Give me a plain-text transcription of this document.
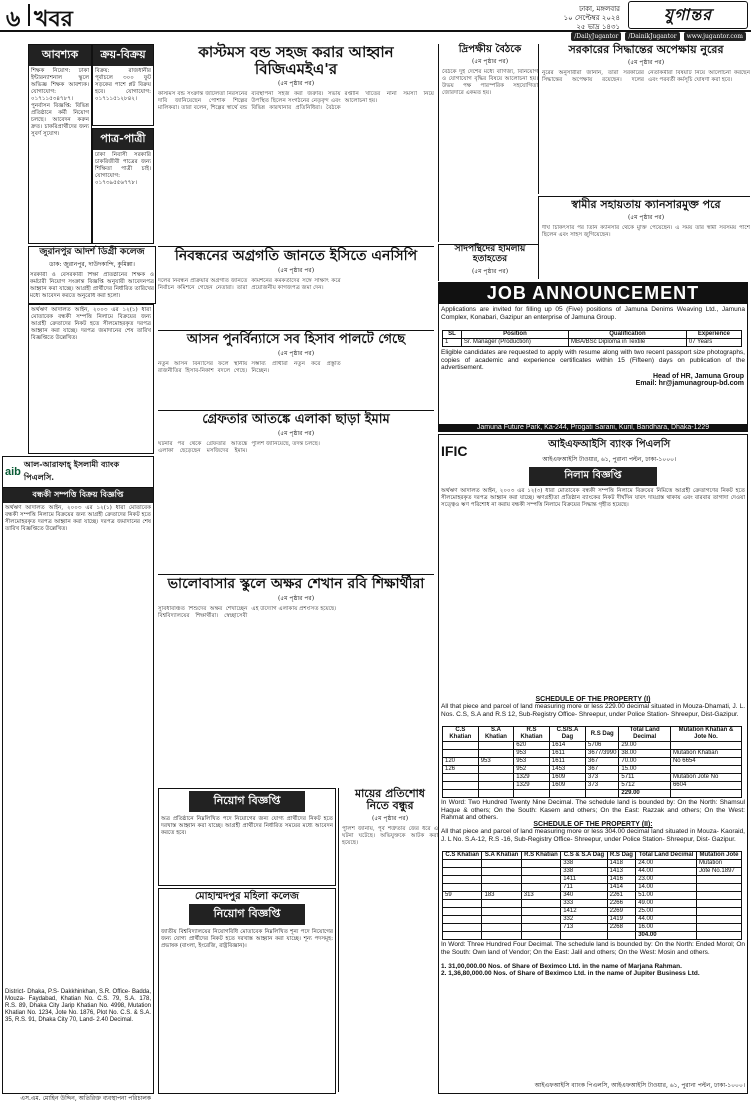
৬ খবর	ঢাকা, মঙ্গলবার
১০ সেপ্টেম্বর ২০২৪
২৫ ভাদ্র ১৪৩১
যুগান্তর
/DailyJugantor	/DainikJugantor	www.jugantor.com
আবশ্যক
শিক্ষক নিয়োগ: ঢাকা ইন্টারন্যাশনাল স্কুলে অভিজ্ঞ শিক্ষক আবশ্যক। যোগাযোগ: ০১৭১১৫৩৪৭৮৭। পুনর্বাসন বিজ্ঞপ্তি: বিভিন্ন প্রতিষ্ঠানে কর্মী নিয়োগ চলছে। আবেদন করুন দ্রুত। চাকরিপ্রার্থীদের জন্য সুবর্ণ সুযোগ।
ক্রয়-বিক্রয়
বিক্রয়: রাজধানীর পূর্বাচলে ৩০০ ফুট সড়কের পাশে প্লট বিক্রয় হবে। যোগাযোগ: ০১৭১১৫১২৮৪২।
পাত্র-পাত্রী
ঢাকা নিবাসী সরকারি চাকরিজীবী পাত্রের জন্য শিক্ষিতা পাত্রী চাই। যোগাযোগ: ০১৭৩৯৫৫৬৭৭৮।
কাস্টমস বন্ড সহজ করার আহ্বান বিজিএমইএ'র
(৫ম পৃষ্ঠার পর)
কাস্টমস বন্ড সংক্রান্ত জটিলতা নিরসনের দাবি জানিয়েছেন পোশাক শিল্পের মালিকরা। তারা বলেন, শিল্পের স্বার্থে বন্ড ব্যবস্থাপনা সহজ করা জরুরি। সভায় উপস্থিত ছিলেন সংগঠনের নেতৃবৃন্দ এবং বিভিন্ন কারখানার প্রতিনিধিরা। বৈঠকে রপ্তানি খাতের নানা সমস্যা নিয়ে আলোচনা হয়।
দ্রিপক্ষীয় বৈঠকে
(৫ম পৃষ্ঠার পর)
বৈঠকে দুই দেশের মধ্যে বাণিজ্য, বিনিয়োগ ও যোগাযোগ বৃদ্ধির বিষয়ে আলোচনা হয়। উভয় পক্ষ পারস্পরিক সহযোগিতা জোরদারে একমত হয়।
সরকারের সিদ্ধান্তের অপেক্ষায় নুরের
(৫ম পৃষ্ঠার পর)
নুরের অনুসারীরা জানান, তারা সরকারের সিদ্ধান্তের অপেক্ষায় রয়েছেন। দলের নেতাকর্মীরা বিষয়টি নিয়ে আলোচনা করছেন এবং পরবর্তী কর্মসূচি ঘোষণা করা হবে।
স্বামীর সহায়তায় ক্যানসারমুক্ত পরে
(৫ম পৃষ্ঠার পর)
দীর্ঘ চিকিৎসার পর তিনি ক্যানসার থেকে মুক্তি পেয়েছেন। এ সময় তার স্বামী সবসময় পাশে ছিলেন এবং সাহস জুগিয়েছেন।
সাদপন্থিদের হামলায় হতাহতের
(৫ম পৃষ্ঠার পর)
জুরানপুর আদর্শ ডিগ্রী কলেজ
ডাক: জুরানপুর, দাউদকান্দি, কুমিল্লা।
সরকারী ও বেসরকারী শিক্ষা প্রতিষ্ঠানের শিক্ষক ও কর্মচারী নিয়োগ সংক্রান্ত বিজ্ঞপ্তি অনুযায়ী আবেদনপত্র আহ্বান করা যাচ্ছে। আগ্রহী প্রার্থীদের নির্ধারিত তারিখের মধ্যে আবেদন করতে অনুরোধ করা হলো।
নিবন্ধনের অগ্রগতি জানতে ইসিতে এনসিপি
(৫ম পৃষ্ঠার পর)
দলের নিবন্ধন প্রক্রিয়ার অগ্রগতি জানতে নির্বাচন কমিশনে গেছেন নেতারা। তারা কমিশনের কর্মকর্তাদের সঙ্গে সাক্ষাৎ করে প্রয়োজনীয় কাগজপত্র জমা দেন।
আসন পুনর্বিন্যাসে সব হিসাব পালটে গেছে
(৫ম পৃষ্ঠার পর)
নতুন আসন বিন্যাসের ফলে স্থানীয় রাজনীতির হিসাব-নিকাশ বদলে গেছে। সম্ভাব্য প্রার্থীরা নতুন করে প্রস্তুতি নিচ্ছেন।
JOB ANNOUNCEMENT
Applications are invited for filling up 05 (Five) positions of Jamuna Denims Weaving Ltd., Jamuna Complex, Konabari, Gazipur an enterprise of Jamuna Group.
SL	Position	Qualification	Experience
1	Sr. Manager (Production)	MBA/BSc Diploma in Textile	07 Years
Eligible candidates are requested to apply with resume along with two recent passport size photographs, copies of academic and experience certificates within 15 (Fifteen) days on publication of the advertisement.
Head of HR, Jamuna Group
Email: hr@jamunagroup-bd.com
Jamuna Future Park, Ka-244, Progati Sarani, Kuril, Bandhara, Dhaka-1229
অর্থঋণ আদালত আইন, ২০০৩ এর ১২(১) ধারা মোতাবেক বন্ধকী সম্পত্তি নিলামে বিক্রয়ের জন্য আগ্রহী ক্রেতাদের নিকট হতে সীলমোহরকৃত দরপত্র আহ্বান করা যাচ্ছে। দরপত্র জমাদানের শেষ তারিখ বিজ্ঞপ্তিতে উল্লেখিত।
গ্রেফতার আতঙ্কে এলাকা ছাড়া ইমাম
(৫ম পৃষ্ঠার পর)
ঘটনার পর থেকে গ্রেফতার আতঙ্কে এলাকা ছেড়েছেন মসজিদের ইমাম। পুলিশ জানিয়েছে, তদন্ত চলছে।
aib
আল-আরাফাহ্‌ ইসলামী ব্যাংক পিএলসি.
বন্ধকী সম্পত্তি বিক্রয় বিজ্ঞপ্তি
অর্থঋণ আদালত আইন, ২০০৩ এর ১২(১) ধারা মোতাবেক বন্ধকী সম্পত্তি নিলামে বিক্রয়ের জন্য আগ্রহী ক্রেতাদের নিকট হতে সীলমোহরকৃত দরপত্র আহ্বান করা যাচ্ছে। দরপত্র জমাদানের শেষ তারিখ বিজ্ঞপ্তিতে উল্লেখিত।
District- Dhaka, P.S- Dakkhinkhan, S.R. Office- Badda, Mouza- Faydabad, Khatian No. C.S. 79, S.A. 178, R.S. 89, Dhaka City Jarip Khatian No. 4998, Mutation Khatian No. 1234, Jote No. 1876, Plot No. C.S. & S.A. 35, R.S. 91, Dhaka City 70, Land- 2.40 Decimal.
এস.এম. মোহিন উদ্দিন, অতিরিক্ত ব্যবস্থাপনা পরিচালক
IFIC	আইএফআইসি ব্যাংক পিএলসি
আইএফআইসি টাওয়ার, ৬১, পুরানা পল্টন, ঢাকা-১০০০।
নিলাম বিজ্ঞপ্তি
অর্থঋণ আদালত আইন, ২০০৩ এর ১২(৩) ধারা মোতাবেক বন্ধকী সম্পত্তি নিলামে বিক্রয়ের নিমিত্তে আগ্রহী ক্রেতাগণের নিকট হতে সীলমোহরকৃত দরপত্র আহ্বান করা যাচ্ছে। ঋণগ্রহীতা প্রতিষ্ঠান ব্যাংকের নিকট দীর্ঘদিন যাবৎ দায়গ্রস্ত থাকায় এবং বারবার তাগাদা দেওয়া সত্ত্বেও ঋণ পরিশোধ না করায় বন্ধকী সম্পত্তি নিলামে বিক্রয়ের সিদ্ধান্ত গৃহীত হয়েছে।
SCHEDULE OF THE PROPERTY (I)
All that piece and parcel of land measuring more or less 229.00 decimal situated in Mouza-Dhamati, J. L. Nos. C.S, S.A and R.S 12, Sub-Registry Office- Shreepur, under Police Station- Shreepur, Dist-Gazipur.
C.S Khatian	S.A Khatian	R.S Khatian	C.S/S.A Dag	R.S Dag	Total Land Decimal	Mutation Khatian & Jote No.
		620	1614	5706	29.00	
		953	1611	3677/3990	38.00	Mutation Khatian
120	953	953	1611	367	70.00	No 6654
126		952	1453	367	15.00	
		1329	1609	373	5711	Mutation Jote No
		1329	1609	373	5712	6604
					229.00	
In Word: Two Hundred Twenty Nine Decimal. The schedule land is bounded by: On the North: Shamsul Haque & others; On the South: Kasem and others; On the East: Razzak and others; On the West: Rahmat and others.
SCHEDULE OF THE PROPERTY (II):
All that piece and parcel of land measuring more or less 304.00 decimal land situated in Mouza- Kaoraid, J. L No. S.A-12, R.S -16, Sub-Registry Office- Shreepur, under Police Station- Shreepur, Dist- Gazipur.
C.S Khatian	S.A Khatian	R.S Khatian	C.S & S.A Dag	R.S Dag	Total Land Decimal	Mutation Jote
			338	1418	24.00	Mutation
			338	1413	44.00	Jote No.1897
			1411	1416	23.00	
			711	1414	14.00	
59	183	313	340	2261	51.00	
			333	2266	49.00	
			1412	2269	25.00	
			332	1419	44.00	
			713	2268	16.00	
					304.00	
In Word: Three Hundred Four Decimal. The schedule land is bounded by: On the North: Ended Morol; On the South: Own land of Vendor; On the East: Jalil and others; On the West: Mosin and others.
1. 31,00,000.00 Nos. of Share of Beximco Ltd. in the name of Marjana Rahman.
2. 1,36,80,000.00 Nos. of Share of Beximco Ltd. in the name of Jupiter Business Ltd.
আইএফআইসি ব্যাংক পিএলসি, আইএফআইসি টাওয়ার, ৬১, পুরানা পল্টন, ঢাকা-১০০০।
ভালোবাসার স্কুলে অক্ষর শেখান রবি শিক্ষার্থীরা
(৫ম পৃষ্ঠার পর)
সুবিধাবঞ্চিত শিশুদের অক্ষর শেখাচ্ছেন বিশ্ববিদ্যালয়ের শিক্ষার্থীরা। স্বেচ্ছাসেবী এই উদ্যোগ এলাকায় প্রশংসিত হয়েছে।
নিয়োগ বিজ্ঞপ্তি
অত্র প্রতিষ্ঠানে নিম্নলিখিত পদে নিয়োগের জন্য যোগ্য প্রার্থীদের নিকট হতে দরখাস্ত আহ্বান করা যাচ্ছে। আগ্রহী প্রার্থীদের নির্ধারিত সময়ের মধ্যে আবেদন করতে হবে।
মায়ের প্রতিশোধ নিতে বন্ধুর
(৫ম পৃষ্ঠার পর)
পুলিশ জানায়, পূর্ব শত্রুতার জের ধরে এ ঘটনা ঘটেছে। অভিযুক্তকে আটক করা হয়েছে।
মোহাম্মদপুর মহিলা কলেজ
নিয়োগ বিজ্ঞপ্তি
জাতীয় বিশ্ববিদ্যালয়ের নিয়োগবিধি মোতাবেক নিম্নলিখিত শূন্য পদে নিয়োগের জন্য যোগ্য প্রার্থীদের নিকট হতে দরখাস্ত আহ্বান করা যাচ্ছে। শূন্য পদসমূহ: প্রভাষক (বাংলা, ইংরেজি, রাষ্ট্রবিজ্ঞান)।
